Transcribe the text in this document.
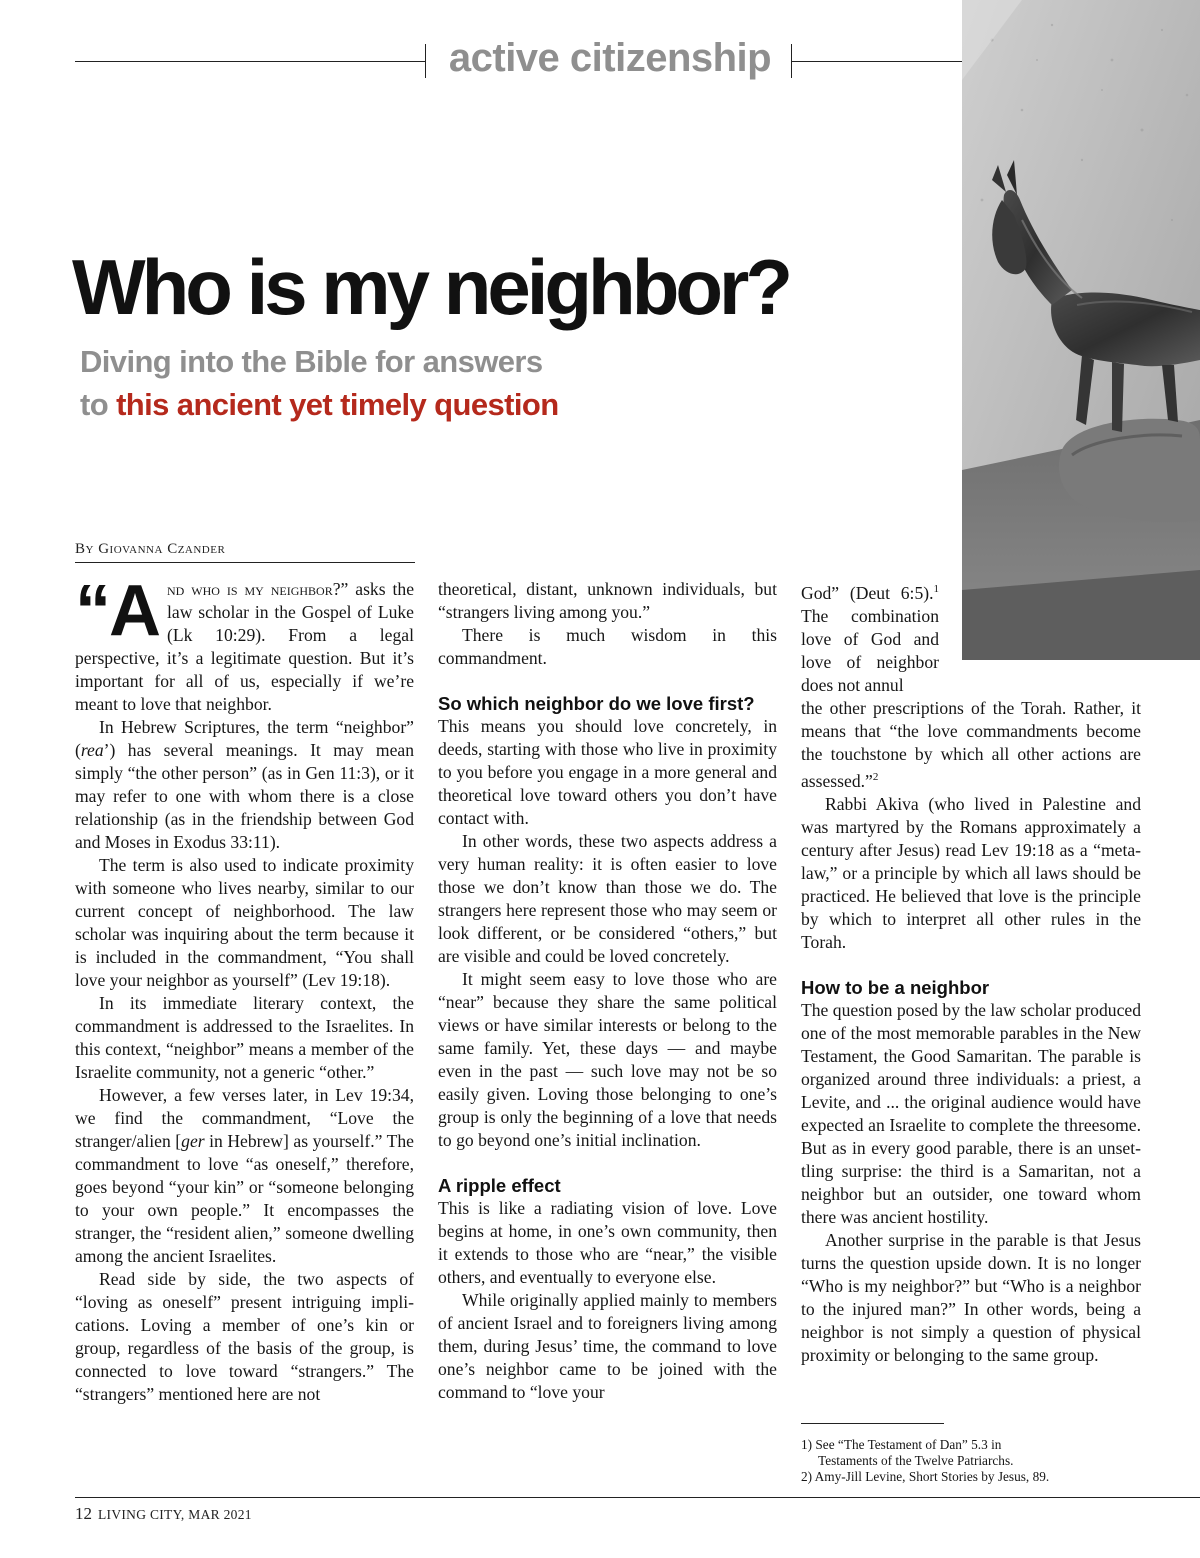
active citizenship
Who is my neighbor?
Diving into the Bible for answers
to this ancient yet timely question
By Giovanna Czander

“A nd who is my neighbor?” asks the law scholar in the Gospel of Luke (Lk 10:29). From a legal perspective, it’s a legitimate question. But it’s important for all of us, especially if we’re meant to love that neighbor.

In Hebrew Scriptures, the term “neighbor” (rea’) has several meanings. It may mean simply “the other person” (as in Gen 11:3), or it may refer to one with whom there is a close relationship (as in the friendship between God and Moses in Exodus 33:11).

The term is also used to indicate proximity with someone who lives nearby, similar to our current concept of neighborhood. The law scholar was inquiring about the term because it is included in the commandment, “You shall love your neighbor as yourself” (Lev 19:18).

In its immediate literary context, the commandment is addressed to the Israelites. In this context, “neighbor” means a member of the Israelite community, not a generic “other.”

However, a few verses later, in Lev 19:34, we find the commandment, “Love the stranger/alien [ger in Hebrew] as yourself.” The commandment to love “as oneself,” therefore, goes beyond “your kin” or “someone belonging to your own people.” It encompasses the stranger, the “resident alien,” someone dwelling among the ancient Israelites.

Read side by side, the two aspects of “loving as oneself” present intriguing implications. Loving a member of one’s kin or group, regardless of the basis of the group, is connected to love toward “strangers.” The “strangers” mentioned here are not

theoretical, distant, unknown individuals, but “strangers living among you.”

There is much wisdom in this commandment.

So which neighbor do we love first?

This means you should love concretely, in deeds, starting with those who live in proximity to you before you engage in a more general and theoretical love toward others you don’t have contact with.

In other words, these two aspects address a very human reality: it is often easier to love those we don’t know than those we do. The strangers here represent those who may seem or look different, or be considered “others,” but are visible and could be loved concretely.

It might seem easy to love those who are “near” because they share the same political views or have similar interests or belong to the same family. Yet, these days — and maybe even in the past — such love may not be so easily given. Loving those belonging to one’s group is only the beginning of a love that needs to go beyond one’s initial inclination.

A ripple effect

This is like a radiating vision of love. Love begins at home, in one’s own community, then it extends to those who are “near,” the visible others, and eventually to everyone else.

While originally applied mainly to members of ancient Israel and to foreigners living among them, during Jesus’ time, the command to love one’s neighbor came to be joined with the command to “love your

God” (Deut 6:5).$^1$ The combination love of God and love of neighbor does not annul

the other prescriptions of the Torah. Rather, it means that “the love commandments become the touchstone by which all other actions are assessed.”$^2$

Rabbi Akiva (who lived in Palestine and was martyred by the Romans approximately a century after Jesus) read Lev 19:18 as a “meta-law,” or a principle by which all laws should be practiced. He believed that love is the principle by which to interpret all other rules in the Torah.

How to be a neighbor

The question posed by the law scholar produced one of the most memorable parables in the New Testament, the Good Samaritan. The parable is organized around three individuals: a priest, a Levite, and ... the original audience would have expected an Israelite to complete the threesome. But as in every good parable, there is an unsettling surprise: the third is a Samaritan, not a neighbor but an outsider, one toward whom there was ancient hostility.

Another surprise in the parable is that Jesus turns the question upside down. It is no longer “Who is my neighbor?” but “Who is a neighbor to the injured man?” In other words, being a neighbor is not simply a question of physical proximity or belonging to the same group.

1) See “The Testament of Dan” 5.3 in
Testaments of the Twelve Patriarchs.
2) Amy-Jill Levine, Short Stories by Jesus, 89.
12 LIVING CITY, MAR 2021
